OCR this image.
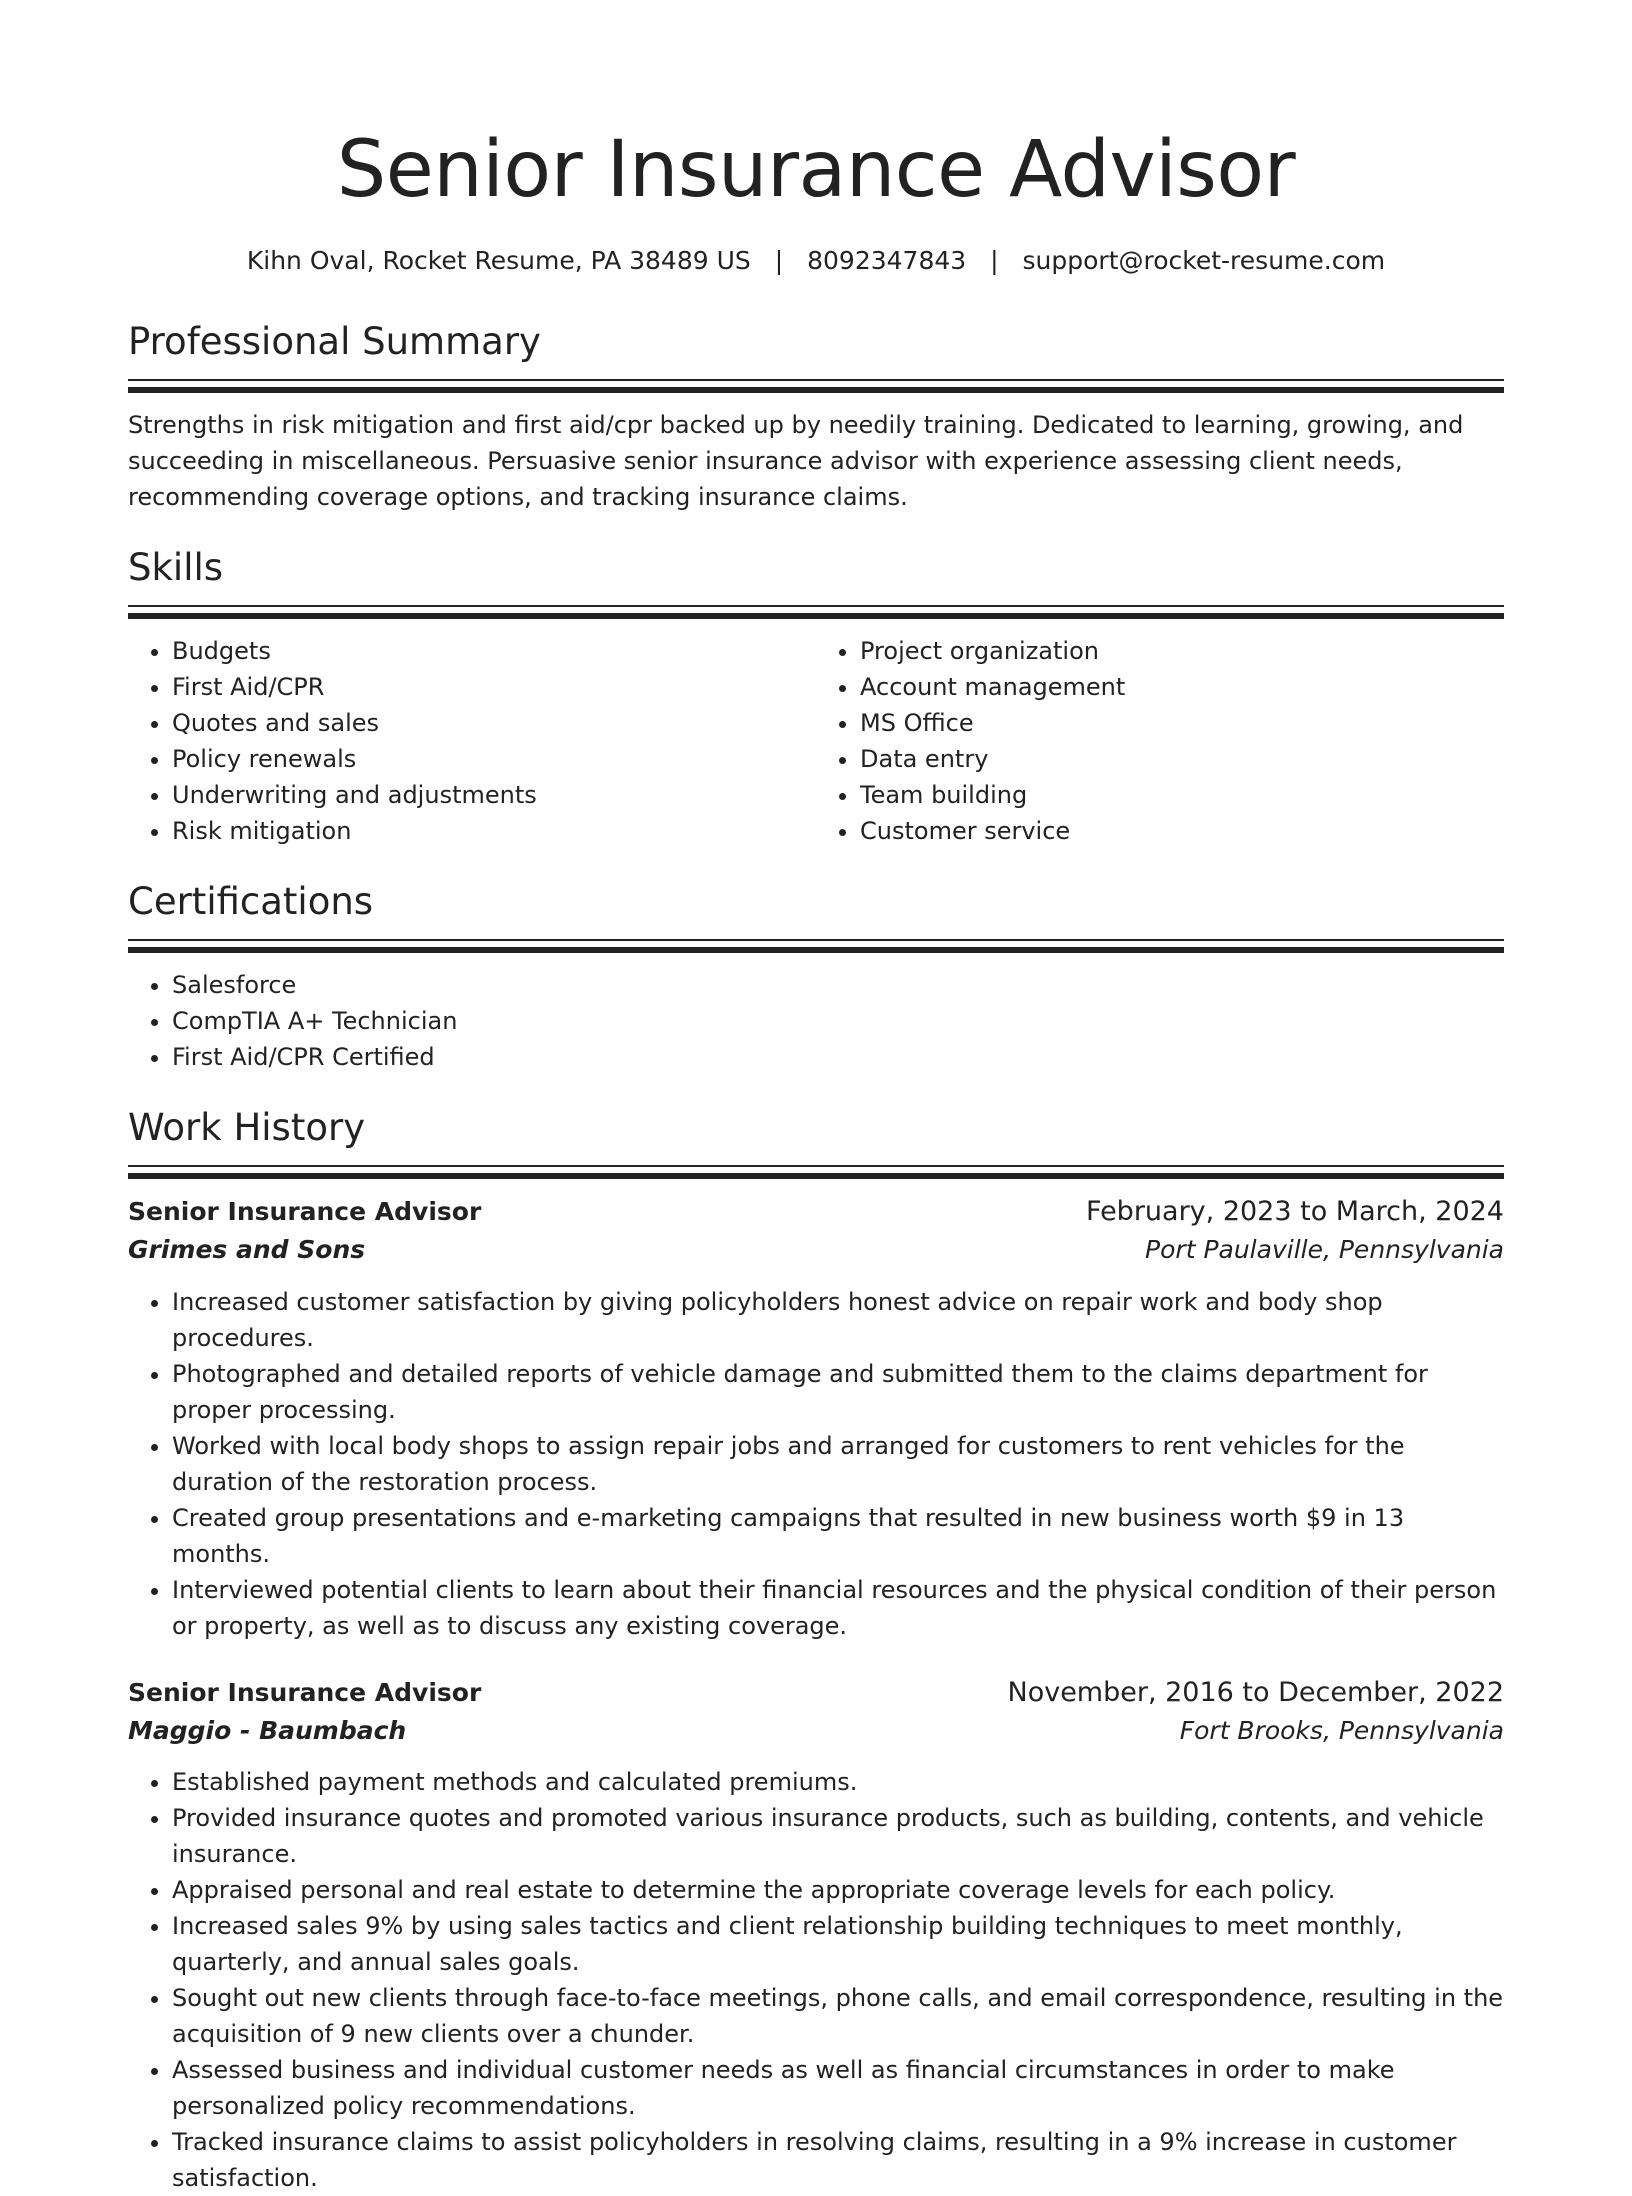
Senior Insurance Advisor
Kihn Oval, Rocket Resume, PA 38489 US | 8092347843 | support@rocket-resume.com
Professional Summary
Strengths in risk mitigation and first aid/cpr backed up by needily training. Dedicated to learning, growing, and succeeding in miscellaneous. Persuasive senior insurance advisor with experience assessing client needs, recommending coverage options, and tracking insurance claims.
Skills
• Budgets
• First Aid/CPR
• Quotes and sales
• Policy renewals
• Underwriting and adjustments
• Risk mitigation
• Project organization
• Account management
• MS Office
• Data entry
• Team building
• Customer service
Certifications
• Salesforce
• CompTIA A+ Technician
• First Aid/CPR Certified
Work History
Senior Insurance Advisor	February, 2023 to March, 2024
Grimes and Sons	Port Paulaville, Pennsylvania
• Increased customer satisfaction by giving policyholders honest advice on repair work and body shop procedures.
• Photographed and detailed reports of vehicle damage and submitted them to the claims department for proper processing.
• Worked with local body shops to assign repair jobs and arranged for customers to rent vehicles for the duration of the restoration process.
• Created group presentations and e-marketing campaigns that resulted in new business worth $9 in 13 months.
• Interviewed potential clients to learn about their financial resources and the physical condition of their person or property, as well as to discuss any existing coverage.
Senior Insurance Advisor	November, 2016 to December, 2022
Maggio - Baumbach	Fort Brooks, Pennsylvania
• Established payment methods and calculated premiums.
• Provided insurance quotes and promoted various insurance products, such as building, contents, and vehicle insurance.
• Appraised personal and real estate to determine the appropriate coverage levels for each policy.
• Increased sales 9% by using sales tactics and client relationship building techniques to meet monthly, quarterly, and annual sales goals.
• Sought out new clients through face-to-face meetings, phone calls, and email correspondence, resulting in the acquisition of 9 new clients over a chunder.
• Assessed business and individual customer needs as well as financial circumstances in order to make personalized policy recommendations.
• Tracked insurance claims to assist policyholders in resolving claims, resulting in a 9% increase in customer satisfaction.
